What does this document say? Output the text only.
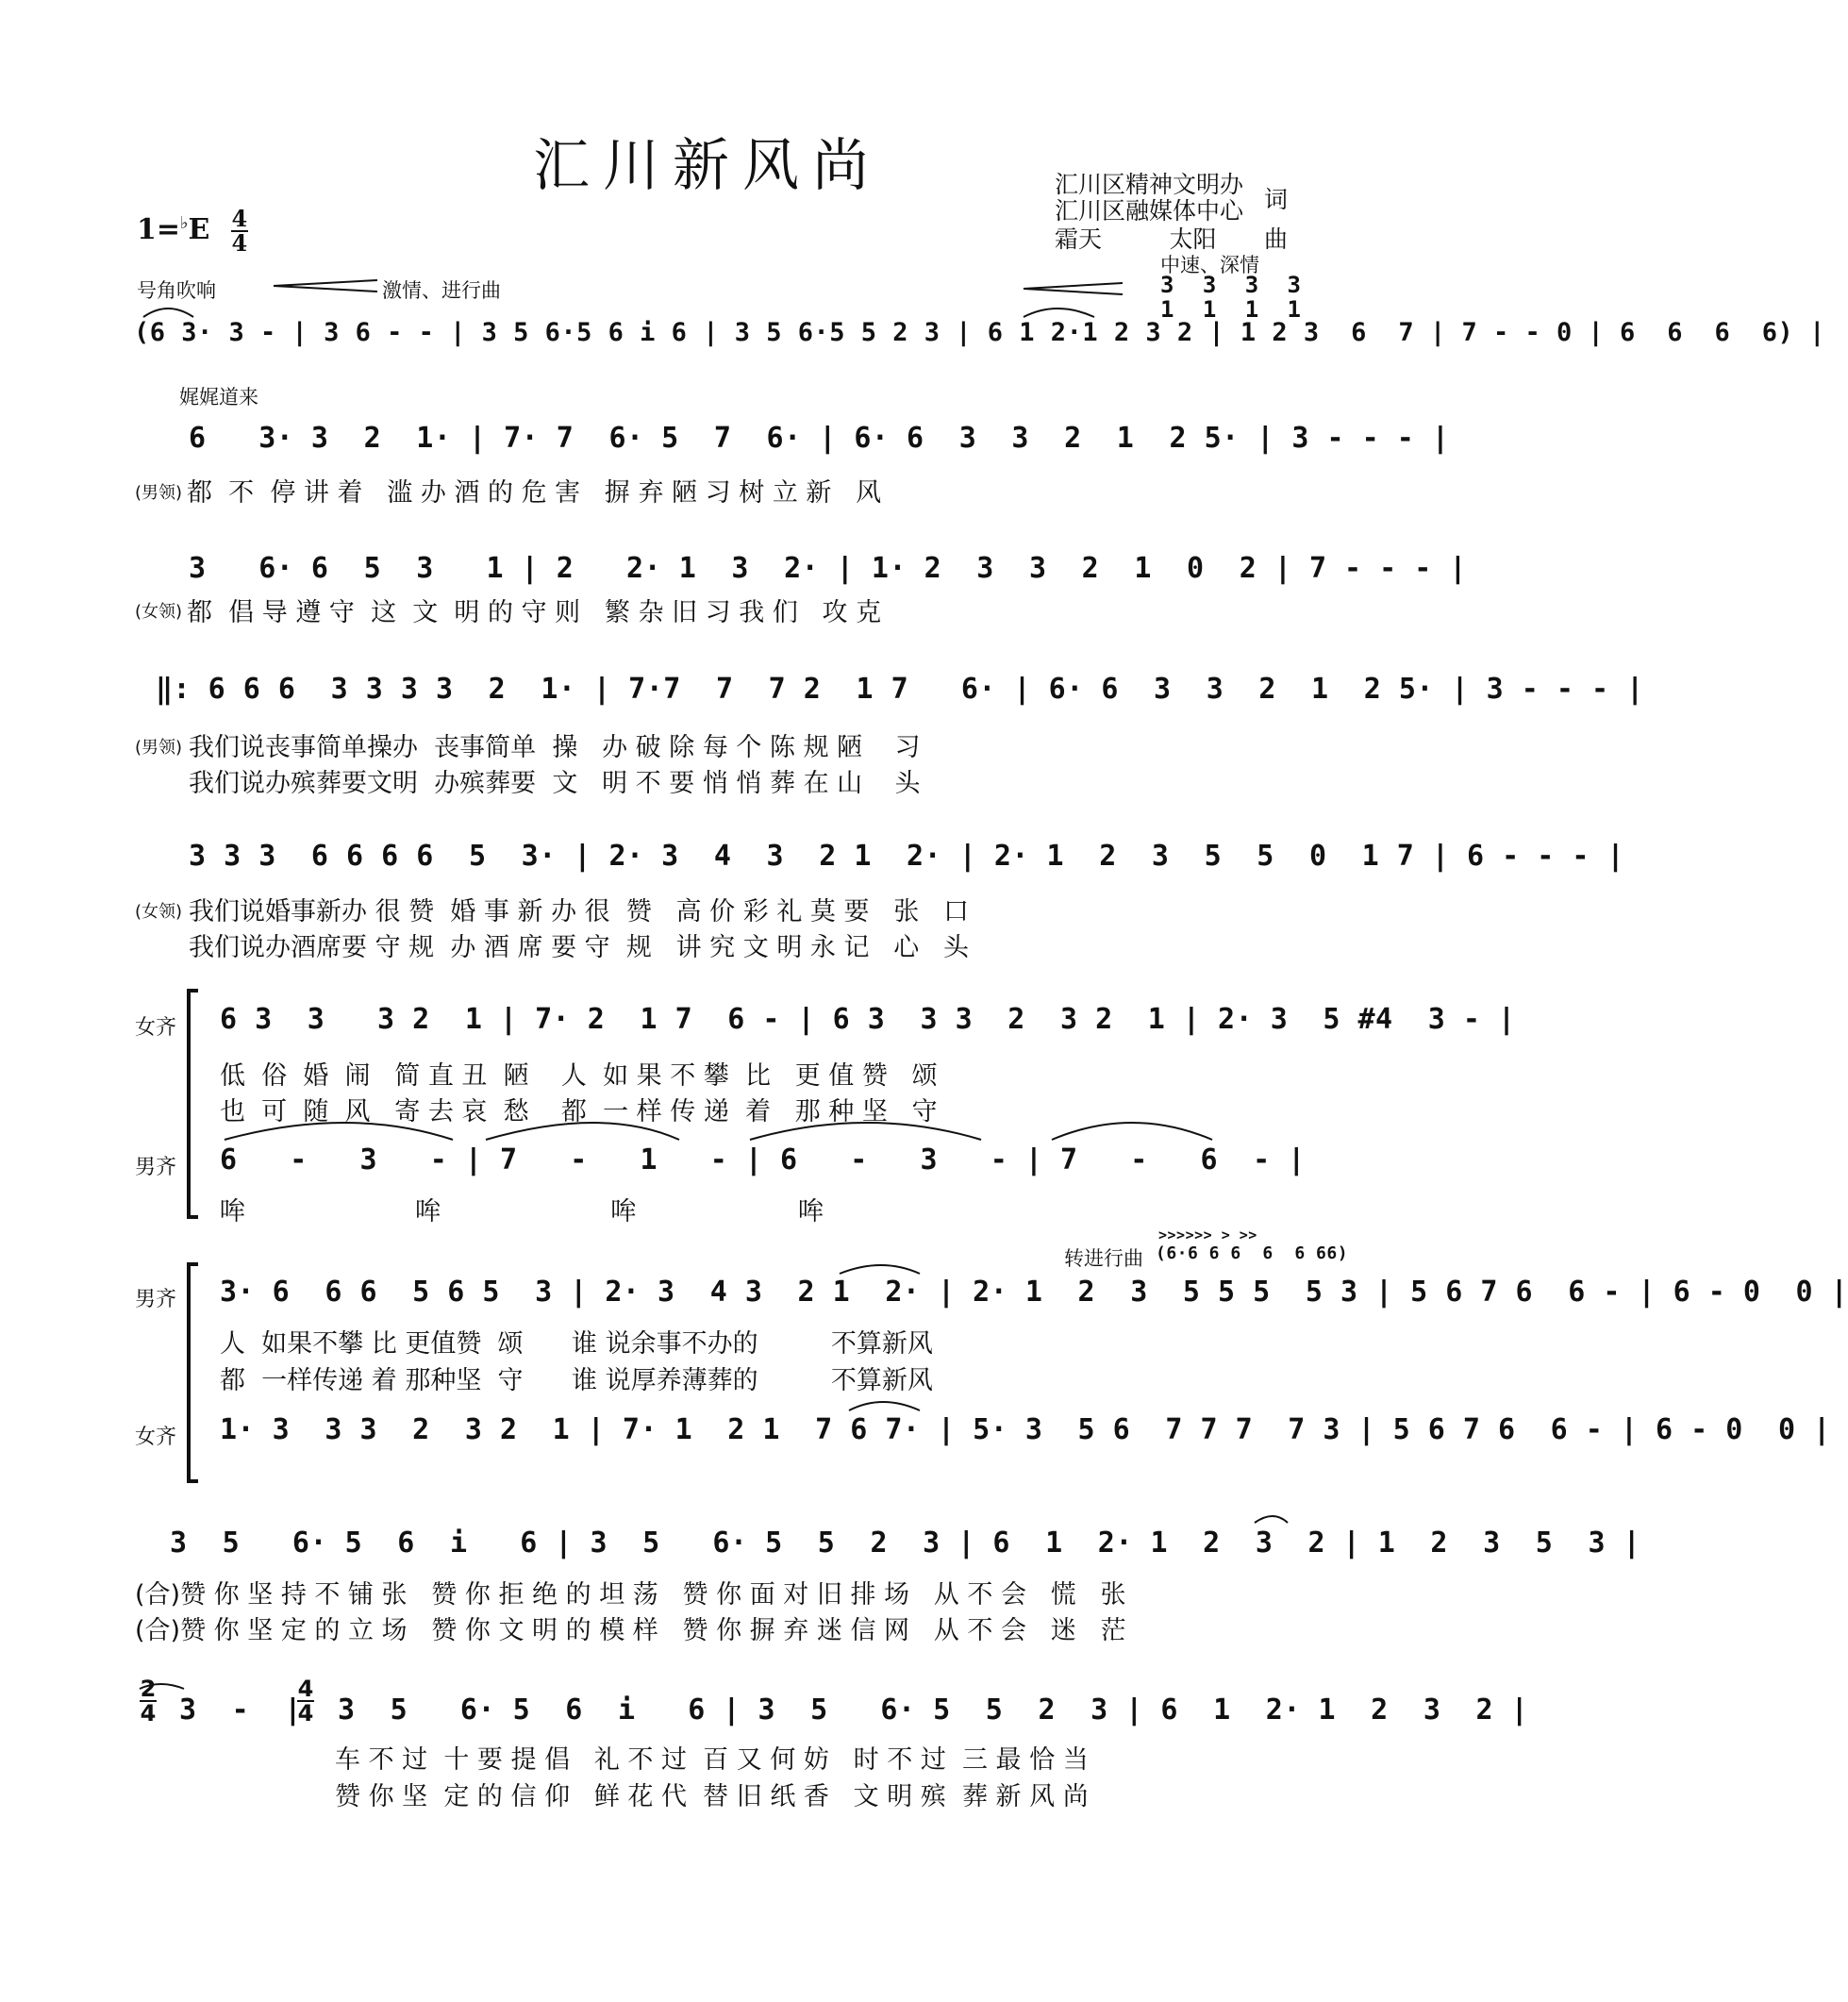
汇川新风尚	汇川区精神文明办
汇川区融媒体中心 词
霜天         太阳 曲
$1=^♭E \frac{4}{4}$
号角吹响	激情、进行曲
中速、深情
3  3  3  3
1  1  1  1
(6 3· 3 - | 3 6 - - | 3 5 6·5 6 i 6 | 3 5 6·5 5 2 3 | 6 1 2·1 2 3 2 | 1 2 3  6  7 | 7 - - 0 | 6  6  6  6) |
娓娓道来
6   3· 3  2  1· | 7· 7  6· 5  7  6· | 6· 6  3  3  2  1  2 5· | 3 - - - |
(男领) 都  不  停 讲 着   滥 办 酒 的 危 害   摒 弃 陋 习 树 立 新   风
3   6· 6  5  3   1 | 2   2· 1  3  2· | 1· 2  3  3  2  1  0  2 | 7 - - - |
(女领) 都  倡 导 遵 守  这  文  明 的 守 则   繁 杂 旧 习 我 们   攻 克
‖: 6 6 6  3 3 3 3  2  1· | 7·7  7  7 2  1 7   6· | 6· 6  3  3  2  1  2 5· | 3 - - - |
(男领) 我们说丧事简单操办  丧事简单  操   办 破 除 每 个 陈 规 陋    习
我们说办殡葬要文明  办殡葬要  文   明 不 要 悄 悄 葬 在 山    头
3 3 3  6 6 6 6  5  3· | 2· 3  4  3  2 1  2· | 2· 1  2  3  5  5  0  1 7 | 6 - - - |
(女领) 我们说婚事新办 很 赞  婚 事 新 办 很  赞   高 价 彩 礼 莫 要   张   口
我们说办酒席要 守 规  办 酒 席 要 守  规   讲 究 文 明 永 记   心   头
女齐 6 3  3   3 2  1 | 7· 2  1 7  6 - | 6 3  3 3  2  3 2  1 | 2· 3  5 #4  3 - |
低  俗  婚  闹   简 直 丑  陋    人  如 果 不 攀  比   更 值 赞   颂
也  可  随  风   寄 去 哀  愁    都  一 样 传 递  着   那 种 坚   守
男齐 6   -   3   - | 7   -   1   - | 6   -   3   - | 7   -   6  - |
哞                     哞                     哞                    哞
>>>>>> > >>
转进行曲 (6·6 6 6  6  6 66)
男齐 3· 6  6 6  5 6 5  3 | 2· 3  4 3  2 1  2· | 2· 1  2  3  5 5 5  5 3 | 5 6 7 6  6 - | 6 - 0  0 |
人  如果不攀 比 更值赞  颂      谁 说余事不办的         不算新风
都  一样传递 着 那种坚  守      谁 说厚养薄葬的         不算新风
女齐 1· 3  3 3  2  3 2  1 | 7· 1  2 1  7 6 7· | 5· 3  5 6  7 7 7  7 3 | 5 6 7 6  6 - | 6 - 0  0 |
3  5   6· 5  6  i   6 | 3  5   6· 5  5  2  3 | 6  1  2· 1  2  3  2 | 1  2  3  5  3 |
(合)赞 你 坚 持 不 铺 张   赞 你 拒 绝 的 坦 荡   赞 你 面 对 旧 排 场   从 不 会   慌   张
(合)赞 你 坚 定 的 立 场   赞 你 文 明 的 模 样   赞 你 摒 弃 迷 信 网   从 不 会   迷   茫
$\frac{2}{4} 3$  -  |
$\frac{4}{4} 3$  5   6· 5  6  i   6 | 3  5   6· 5  5  2  3 | 6  1  2· 1  2  3  2 |
车 不 过  十 要 提 倡   礼 不 过  百 又 何 妨   时 不 过  三 最 恰 当
赞 你 坚  定 的 信 仰   鲜 花 代  替 旧 纸 香   文 明 殡  葬 新 风 尚
